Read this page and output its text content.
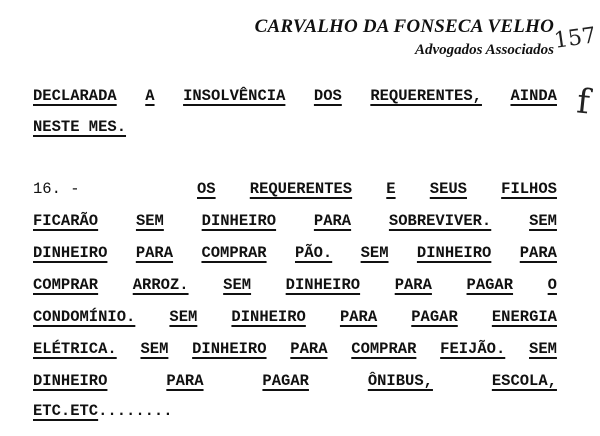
CARVALHO DA FONSECA VELHO
Advogados Associados
157
f
DECLARADA A INSOLVÊNCIA DOS REQUERENTES, AINDA
NESTE MES.
16. -	OS REQUERENTES E SEUS FILHOS
FICARÃO SEM DINHEIRO PARA SOBREVIVER. SEM
DINHEIRO PARA COMPRAR PÃO. SEM DINHEIRO PARA
COMPRAR ARROZ. SEM DINHEIRO PARA PAGAR O
CONDOMÍNIO. SEM DINHEIRO PARA PAGAR ENERGIA
ELÉTRICA. SEM DINHEIRO PARA COMPRAR FEIJÃO. SEM
DINHEIRO	PARA	PAGAR	ÔNIBUS,	ESCOLA,
ETC.ETC........
